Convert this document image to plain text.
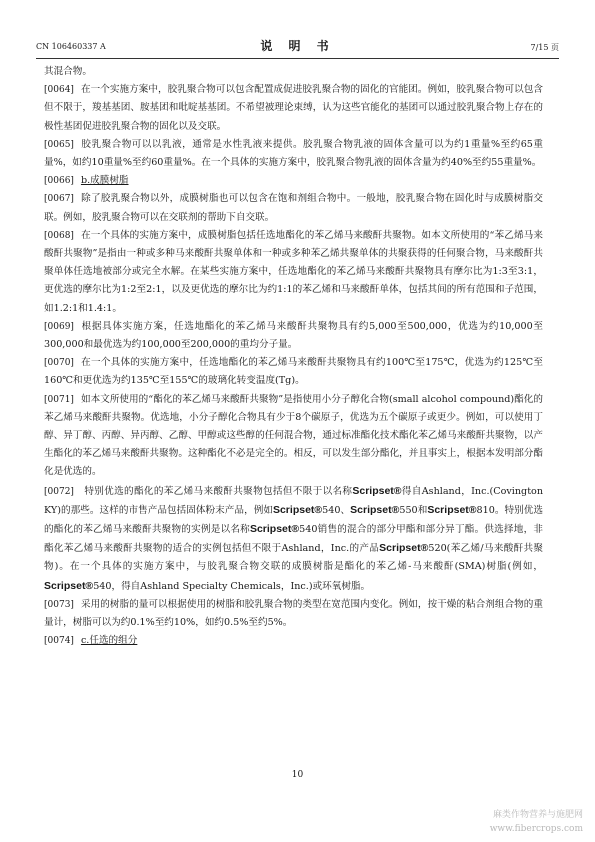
CN 106460337 A	说 明 书	7/15 页

其混合物。

[0064] 在一个实施方案中，胶乳聚合物可以包含配置成促进胶乳聚合物的固化的官能团。例如，胶乳聚合物可以包含但不限于，羧基基团、胺基团和吡啶基基团。不希望被理论束缚，认为这些官能化的基团可以通过胶乳聚合物上存在的极性基团促进胶乳聚合物的固化以及交联。

[0065] 胶乳聚合物可以以乳液，通常是水性乳液来提供。胶乳聚合物乳液的固体含量可以为约1重量%至约65重量%，如约10重量%至约60重量%。在一个具体的实施方案中，胶乳聚合物乳液的固体含量为约40%至约55重量%。

[0066] b.成膜树脂

[0067] 除了胶乳聚合物以外，成膜树脂也可以包含在饱和剂组合物中。一般地，胶乳聚合物在固化时与成膜树脂交联。例如，胶乳聚合物可以在交联剂的帮助下自交联。

[0068] 在一个具体的实施方案中，成膜树脂包括任选地酯化的苯乙烯马来酸酐共聚物。如本文所使用的“苯乙烯马来酸酐共聚物”是指由一种或多种马来酸酐共聚单体和一种或多种苯乙烯共聚单体的共聚获得的任何聚合物，马来酸酐共聚单体任选地被部分或完全水解。在某些实施方案中，任选地酯化的苯乙烯马来酸酐共聚物具有摩尔比为1:3至3:1，更优选的摩尔比为1:2至2:1，以及更优选的摩尔比为约1:1的苯乙烯和马来酸酐单体，包括其间的所有范围和子范围，如1.2:1和1.4:1。

[0069] 根据具体实施方案，任选地酯化的苯乙烯马来酸酐共聚物具有约5,000至500,000，优选为约10,000至300,000和最优选为约100,000至200,000的重均分子量。

[0070] 在一个具体的实施方案中，任选地酯化的苯乙烯马来酸酐共聚物具有约100℃至175℃，优选为约125℃至160℃和更优选为约135℃至155℃的玻璃化转变温度(Tg)。

[0071] 如本文所使用的“酯化的苯乙烯马来酸酐共聚物”是指使用小分子醇化合物(small alcohol compound)酯化的苯乙烯马来酸酐共聚物。优选地，小分子醇化合物具有少于8个碳原子，优选为五个碳原子或更少。例如，可以使用丁醇、异丁醇、丙醇、异丙醇、乙醇、甲醇或这些醇的任何混合物，通过标准酯化技术酯化苯乙烯马来酸酐共聚物，以产生酯化的苯乙烯马来酸酐共聚物。这种酯化不必是完全的。相反，可以发生部分酯化，并且事实上，根据本发明部分酯化是优选的。

[0072] 特别优选的酯化的苯乙烯马来酸酐共聚物包括但不限于以名称Scripset®得自Ashland，Inc.(Covington KY)的那些。这样的市售产品包括固体粉末产品，例如Scripset®540、Scripset®550和Scripset®810。特别优选的酯化的苯乙烯马来酸酐共聚物的实例是以名称Scripset®540销售的混合的部分甲酯和部分异丁酯。供选择地，非酯化苯乙烯马来酸酐共聚物的适合的实例包括但不限于Ashland，Inc.的产品Scripset®520(苯乙烯/马来酸酐共聚物)。在一个具体的实施方案中，与胶乳聚合物交联的成膜树脂是酯化的苯乙烯-马来酸酐(SMA)树脂(例如，Scripset®540，得自Ashland Specialty Chemicals，Inc.)或环氧树脂。

[0073] 采用的树脂的量可以根据使用的树脂和胶乳聚合物的类型在宽范围内变化。例如，按干燥的粘合剂组合物的重量计，树脂可以为约0.1%至约10%，如约0.5%至约5%。

[0074] c.任选的组分

10
麻类作物营养与施肥网
www.fibercrops.com
